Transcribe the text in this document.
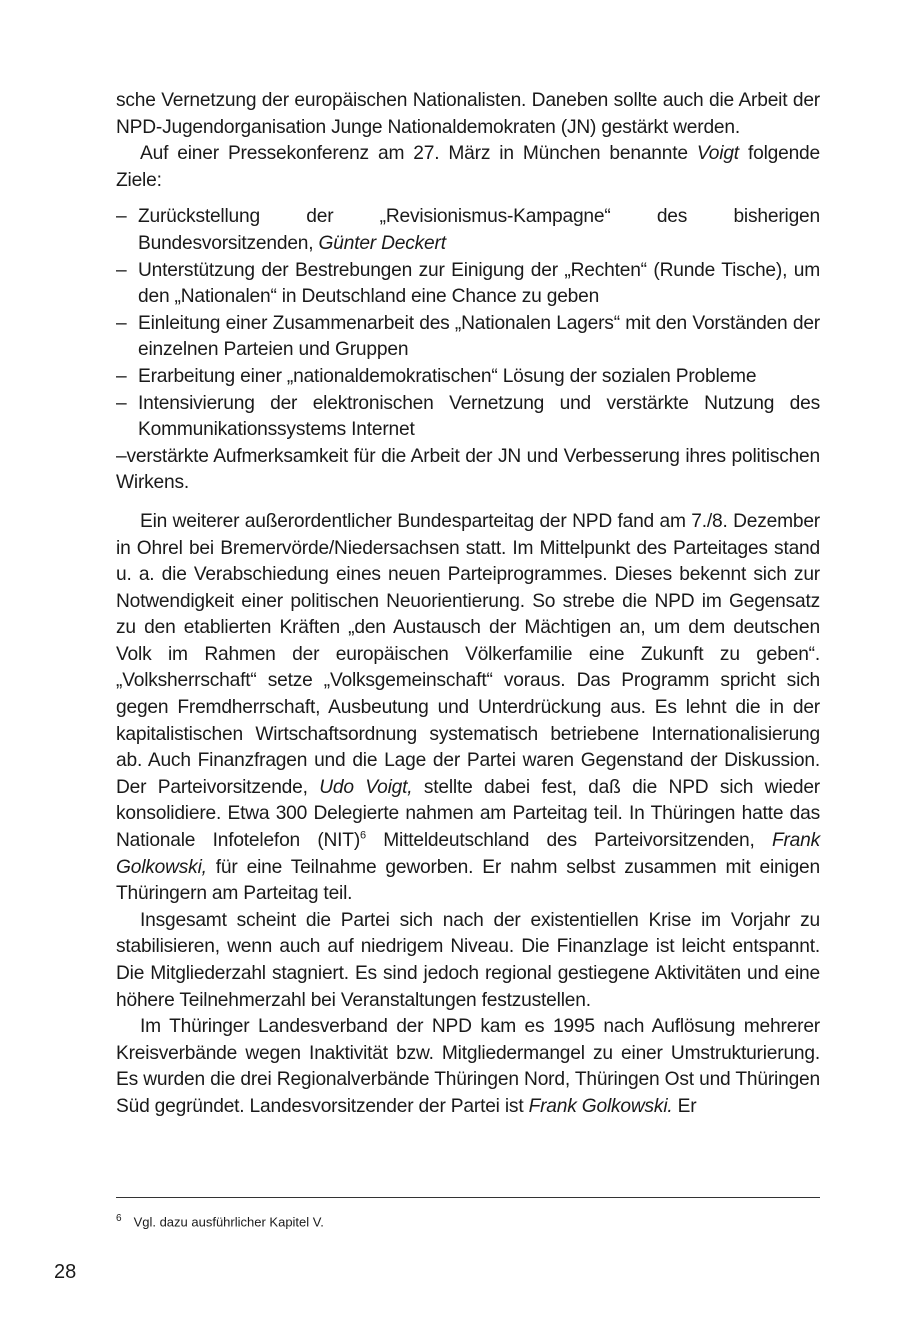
sche Vernetzung der europäischen Nationalisten. Daneben sollte auch die Arbeit der NPD-Jugendorganisation Junge Nationaldemokraten (JN) gestärkt werden.

Auf einer Pressekonferenz am 27. März in München benannte Voigt folgende Ziele:

– Zurückstellung der „Revisionismus-Kampagne“ des bisherigen Bundesvorsitzenden, Günter Deckert
– Unterstützung der Bestrebungen zur Einigung der „Rechten“ (Runde Tische), um den „Nationalen“ in Deutschland eine Chance zu geben
– Einleitung einer Zusammenarbeit des „Nationalen Lagers“ mit den Vorständen der einzelnen Parteien und Gruppen
– Erarbeitung einer „nationaldemokratischen“ Lösung der sozialen Probleme
– Intensivierung der elektronischen Vernetzung und verstärkte Nutzung des Kommunikationssystems Internet
–verstärkte Aufmerksamkeit für die Arbeit der JN und Verbesserung ihres politischen Wirkens.

Ein weiterer außerordentlicher Bundesparteitag der NPD fand am 7./8. Dezember in Ohrel bei Bremervörde/Niedersachsen statt. Im Mittelpunkt des Parteitages stand u. a. die Verabschiedung eines neuen Parteiprogrammes. Dieses bekennt sich zur Notwendigkeit einer politischen Neuorientierung. So strebe die NPD im Gegensatz zu den etablierten Kräften „den Austausch der Mächtigen an, um dem deutschen Volk im Rahmen der europäischen Völkerfamilie eine Zukunft zu geben“. „Volksherrschaft“ setze „Volksgemeinschaft“ voraus. Das Programm spricht sich gegen Fremdherrschaft, Ausbeutung und Unterdrückung aus. Es lehnt die in der kapitalistischen Wirtschaftsordnung systematisch betriebene Internationalisierung ab. Auch Finanzfragen und die Lage der Partei waren Gegenstand der Diskussion. Der Parteivorsitzende, Udo Voigt, stellte dabei fest, daß die NPD sich wieder konsolidiere. Etwa 300 Delegierte nahmen am Parteitag teil. In Thüringen hatte das Nationale Infotelefon (NIT)$^6$ Mitteldeutschland des Parteivorsitzenden, Frank Golkowski, für eine Teilnahme geworben. Er nahm selbst zusammen mit einigen Thüringern am Parteitag teil.

Insgesamt scheint die Partei sich nach der existentiellen Krise im Vorjahr zu stabilisieren, wenn auch auf niedrigem Niveau. Die Finanzlage ist leicht entspannt. Die Mitgliederzahl stagniert. Es sind jedoch regional gestiegene Aktivitäten und eine höhere Teilnehmerzahl bei Veranstaltungen festzustellen.

Im Thüringer Landesverband der NPD kam es 1995 nach Auflösung mehrerer Kreisverbände wegen Inaktivität bzw. Mitgliedermangel zu einer Umstrukturierung. Es wurden die drei Regionalverbände Thüringen Nord, Thüringen Ost und Thüringen Süd gegründet. Landesvorsitzender der Partei ist Frank Golkowski. Er

$^6$ Vgl. dazu ausführlicher Kapitel V.
28
